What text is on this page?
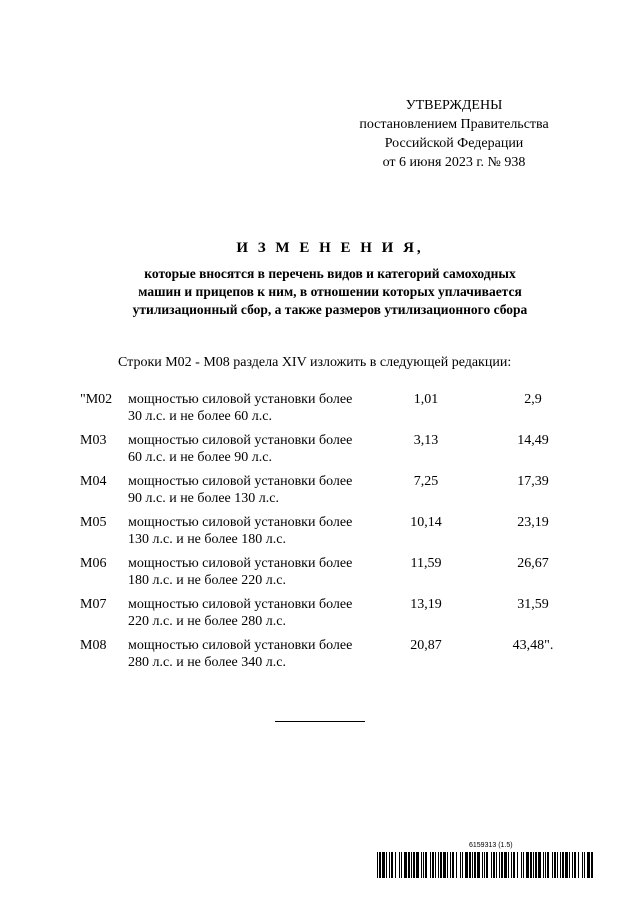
УТВЕРЖДЕНЫ
постановлением Правительства
Российской Федерации
от 6 июня 2023 г. № 938
И З М Е Н Е Н И Я,
которые вносятся в перечень видов и категорий самоходных
машин и прицепов к ним, в отношении которых уплачивается
утилизационный сбор, а также размеров утилизационного сбора
Строки M02 - M08 раздела XIV изложить в следующей редакции:
"M02 мощностью силовой установки более
30 л.с. и не более 60 л.с.
1,01	2,9
M03 мощностью силовой установки более
60 л.с. и не более 90 л.с.
3,13	14,49
M04 мощностью силовой установки более
90 л.с. и не более 130 л.с.
7,25	17,39
M05 мощностью силовой установки более
130 л.с. и не более 180 л.с.
10,14	23,19
M06 мощностью силовой установки более
180 л.с. и не более 220 л.с.
11,59	26,67
M07 мощностью силовой установки более
220 л.с. и не более 280 л.с.
13,19	31,59
M08 мощностью силовой установки более
280 л.с. и не более 340 л.с.
20,87	43,48".
6159313 (1.5)
